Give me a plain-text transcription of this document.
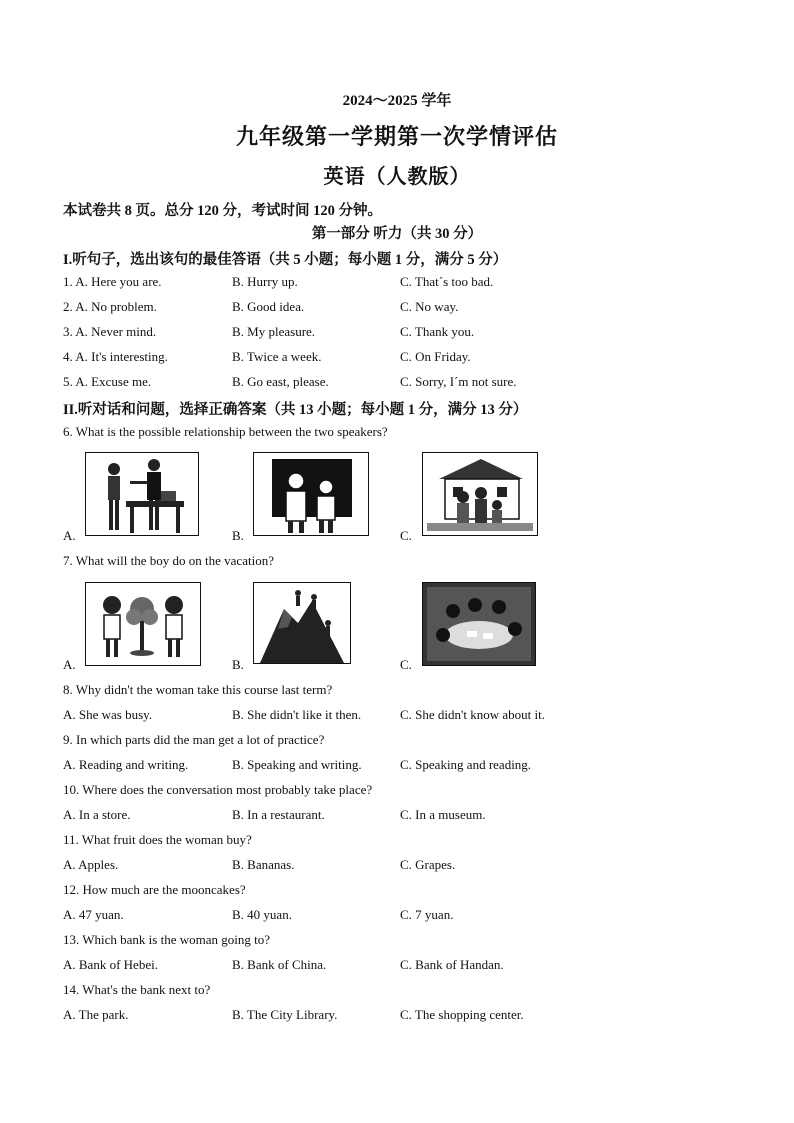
2024～2025 学年
九年级第一学期第一次学情评估
英语（人教版）
本试卷共 8 页。总分 120 分，考试时间 120 分钟。
第一部分 听力（共 30 分）
I.听句子，选出该句的最佳答语（共 5 小题；每小题 1 分，满分 5 分）
1. A. Here you are.	B. Hurry up.	C. That´s too bad.
2. A. No problem.	B. Good idea.	C. No way.
3. A. Never mind.	B. My pleasure.	C. Thank you.
4. A. It's interesting.	B. Twice a week.	C. On Friday.
5. A. Excuse me.	B. Go east, please.	C. Sorry, I´m not sure.
II.听对话和问题，选择正确答案（共 13 小题；每小题 1 分，满分 13 分）
6. What is the possible relationship between the two speakers?
A.	B.	C.
7. What will the boy do on the vacation?
A.	B.	C.
8. Why didn't the woman take this course last term?
A. She was busy.	B. She didn't like it then.	C. She didn't know about it.
9. In which parts did the man get a lot of practice?
A. Reading and writing.	B. Speaking and writing.	C. Speaking and reading.
10. Where does the conversation most probably take place?
A. In a store.	B. In a restaurant.	C. In a museum.
11. What fruit does the woman buy?
A. Apples.	B. Bananas.	C. Grapes.
12. How much are the mooncakes?
A. 47 yuan.	B. 40 yuan.	C. 7 yuan.
13. Which bank is the woman going to?
A. Bank of Hebei.	B. Bank of China.	C. Bank of Handan.
14. What's the bank next to?
A. The park.	B. The City Library.	C. The shopping center.
